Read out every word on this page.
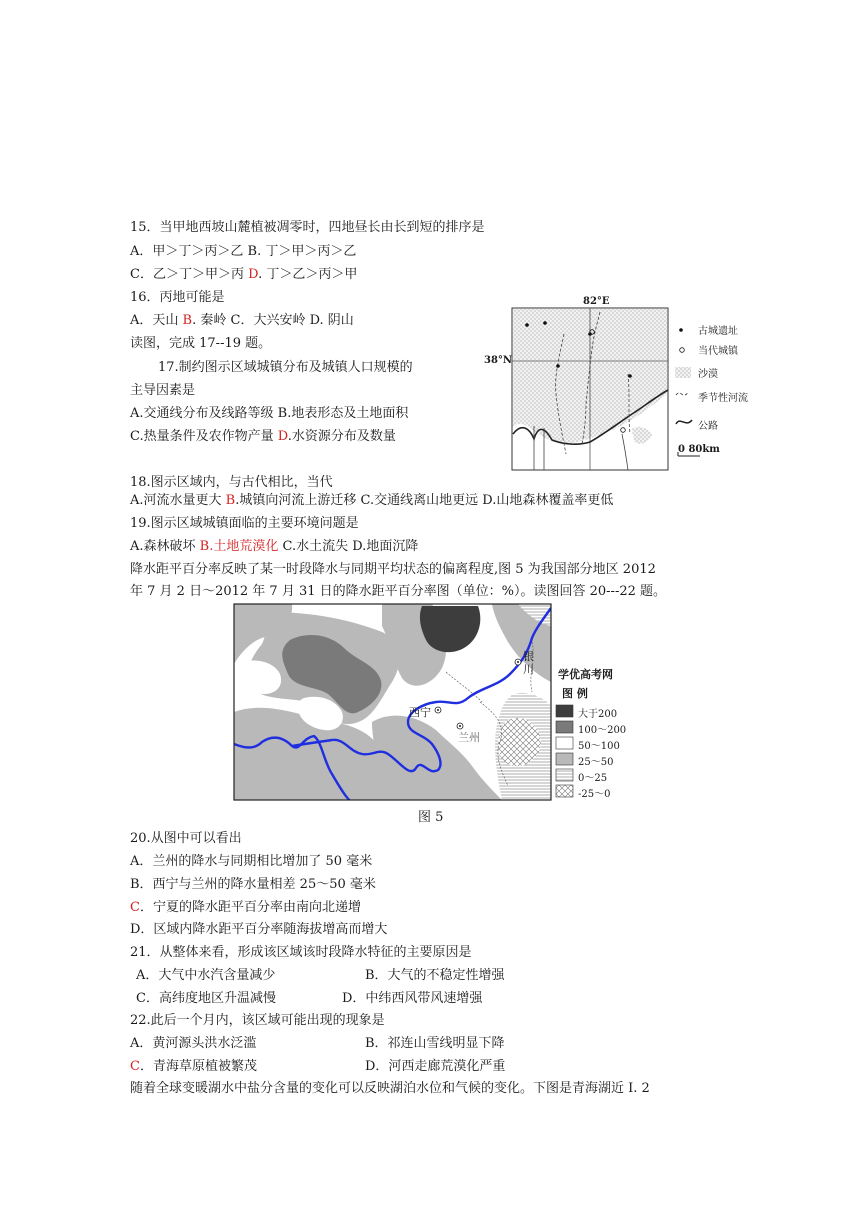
15．当甲地西坡山麓植被凋零时，四地昼长由长到短的排序是
A．甲＞丁＞丙＞乙 B. 丁＞甲＞丙＞乙
C．乙＞丁＞甲＞丙 D. 丁＞乙＞丙＞甲
16．丙地可能是
A．天山 B. 秦岭 C．大兴安岭 D. 阴山
读图，完成 17--19 题。
17.制约图示区域城镇分布及城镇人口规模的
主导因素是
A.交通线分布及线路等级 B.地表形态及土地面积
C.热量条件及农作物产量 D.水资源分布及数量
82°E
38°N
古城遗址
当代城镇
沙漠
季节性河流
公路
0 80km
18.图示区域内，与古代相比，当代
A.河流水量更大 B.城镇向河流上游迁移 C.交通线离山地更远 D.山地森林覆盖率更低
19.图示区域城镇面临的主要环境问题是
A.森林破坏 B.土地荒漠化 C.水土流失 D.地面沉降
降水距平百分率反映了某一时段降水与同期平均状态的偏离程度,图 5 为我国部分地区 2012
年 7 月 2 日～2012 年 7 月 31 日的降水距平百分率图（单位：%）。读图回答 20---22 题。
银川
西宁
兰州
学优高考网
图 例
大于200
100～200
50～100
25～50
0～25
-25～0
图 5
20.从图中可以看出
A．兰州的降水与同期相比增加了 50 毫米
B．西宁与兰州的降水量相差 25～50 毫米
C．宁夏的降水距平百分率由南向北递增
D．区域内降水距平百分率随海拔增高而增大
21．从整体来看，形成该区域该时段降水特征的主要原因是
A．大气中水汽含量减少	B．大气的不稳定性增强
C．高纬度地区升温减慢	D．中纬西风带风速增强
22.此后一个月内，该区域可能出现的现象是
A．黄河源头洪水泛滥	B．祁连山雪线明显下降
C．青海草原植被繁茂	D．河西走廊荒漠化严重
随着全球变暖湖水中盐分含量的变化可以反映湖泊水位和气候的变化。下图是青海湖近 I. 2
